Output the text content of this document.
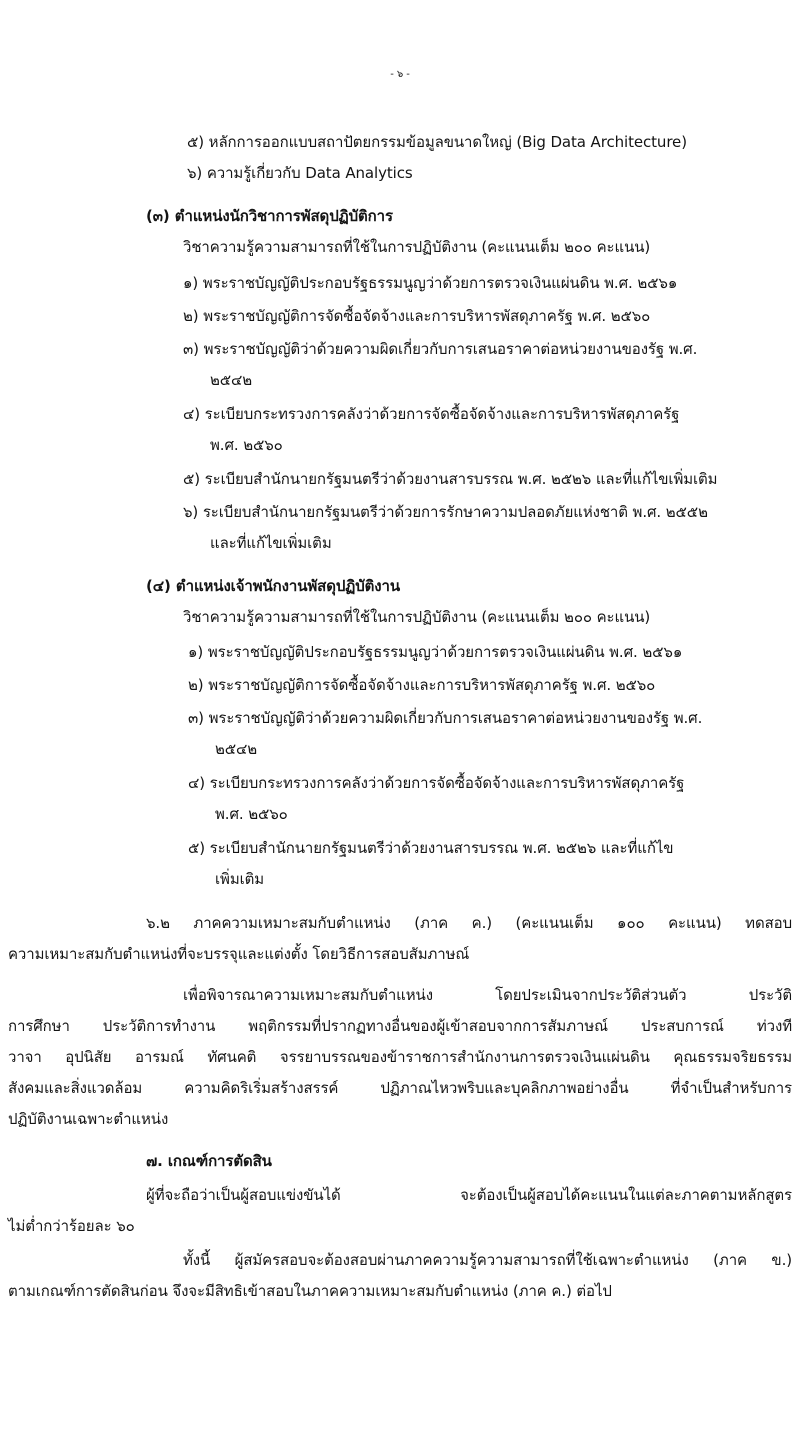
- ๖ -
๕) หลักการออกแบบสถาปัตยกรรมข้อมูลขนาดใหญ่ (Big Data Architecture)
๖) ความรู้เกี่ยวกับ Data Analytics
(๓) ตำแหน่งนักวิชาการพัสดุปฏิบัติการ
วิชาความรู้ความสามารถที่ใช้ในการปฏิบัติงาน (คะแนนเต็ม ๒๐๐ คะแนน)
๑) พระราชบัญญัติประกอบรัฐธรรมนูญว่าด้วยการตรวจเงินแผ่นดิน พ.ศ. ๒๕๖๑
๒) พระราชบัญญัติการจัดซื้อจัดจ้างและการบริหารพัสดุภาครัฐ พ.ศ. ๒๕๖๐
๓) พระราชบัญญัติว่าด้วยความผิดเกี่ยวกับการเสนอราคาต่อหน่วยงานของรัฐ พ.ศ.
๒๕๔๒
๔) ระเบียบกระทรวงการคลังว่าด้วยการจัดซื้อจัดจ้างและการบริหารพัสดุภาครัฐ
พ.ศ. ๒๕๖๐
๕) ระเบียบสำนักนายกรัฐมนตรีว่าด้วยงานสารบรรณ พ.ศ. ๒๕๒๖ และที่แก้ไขเพิ่มเติม
๖) ระเบียบสำนักนายกรัฐมนตรีว่าด้วยการรักษาความปลอดภัยแห่งชาติ พ.ศ. ๒๕๕๒
และที่แก้ไขเพิ่มเติม
(๔) ตำแหน่งเจ้าพนักงานพัสดุปฏิบัติงาน
วิชาความรู้ความสามารถที่ใช้ในการปฏิบัติงาน (คะแนนเต็ม ๒๐๐ คะแนน)
๑) พระราชบัญญัติประกอบรัฐธรรมนูญว่าด้วยการตรวจเงินแผ่นดิน พ.ศ. ๒๕๖๑
๒) พระราชบัญญัติการจัดซื้อจัดจ้างและการบริหารพัสดุภาครัฐ พ.ศ. ๒๕๖๐
๓) พระราชบัญญัติว่าด้วยความผิดเกี่ยวกับการเสนอราคาต่อหน่วยงานของรัฐ พ.ศ.
๒๕๔๒
๔) ระเบียบกระทรวงการคลังว่าด้วยการจัดซื้อจัดจ้างและการบริหารพัสดุภาครัฐ
พ.ศ. ๒๕๖๐
๕) ระเบียบสำนักนายกรัฐมนตรีว่าด้วยงานสารบรรณ พ.ศ. ๒๕๒๖ และที่แก้ไข
เพิ่มเติม
๖.๒ ภาคความเหมาะสมกับตำแหน่ง (ภาค ค.) (คะแนนเต็ม ๑๐๐ คะแนน) ทดสอบ
ความเหมาะสมกับตำแหน่งที่จะบรรจุและแต่งตั้ง โดยวิธีการสอบสัมภาษณ์
เพื่อพิจารณาความเหมาะสมกับตำแหน่ง โดยประเมินจากประวัติส่วนตัว ประวัติ
การศึกษา ประวัติการทำงาน พฤติกรรมที่ปรากฏทางอื่นของผู้เข้าสอบจากการสัมภาษณ์ ประสบการณ์ ท่วงที
วาจา อุปนิสัย อารมณ์ ทัศนคติ จรรยาบรรณของข้าราชการสำนักงานการตรวจเงินแผ่นดิน คุณธรรมจริยธรรม
สังคมและสิ่งแวดล้อม ความคิดริเริ่มสร้างสรรค์ ปฏิภาณไหวพริบและบุคลิกภาพอย่างอื่น ที่จำเป็นสำหรับการ
ปฏิบัติงานเฉพาะตำแหน่ง
๗. เกณฑ์การตัดสิน
ผู้ที่จะถือว่าเป็นผู้สอบแข่งขันได้ จะต้องเป็นผู้สอบได้คะแนนในแต่ละภาคตามหลักสูตร
ไม่ต่ำกว่าร้อยละ ๖๐
ทั้งนี้ ผู้สมัครสอบจะต้องสอบผ่านภาคความรู้ความสามารถที่ใช้เฉพาะตำแหน่ง (ภาค ข.)
ตามเกณฑ์การตัดสินก่อน จึงจะมีสิทธิเข้าสอบในภาคความเหมาะสมกับตำแหน่ง (ภาค ค.) ต่อไป
